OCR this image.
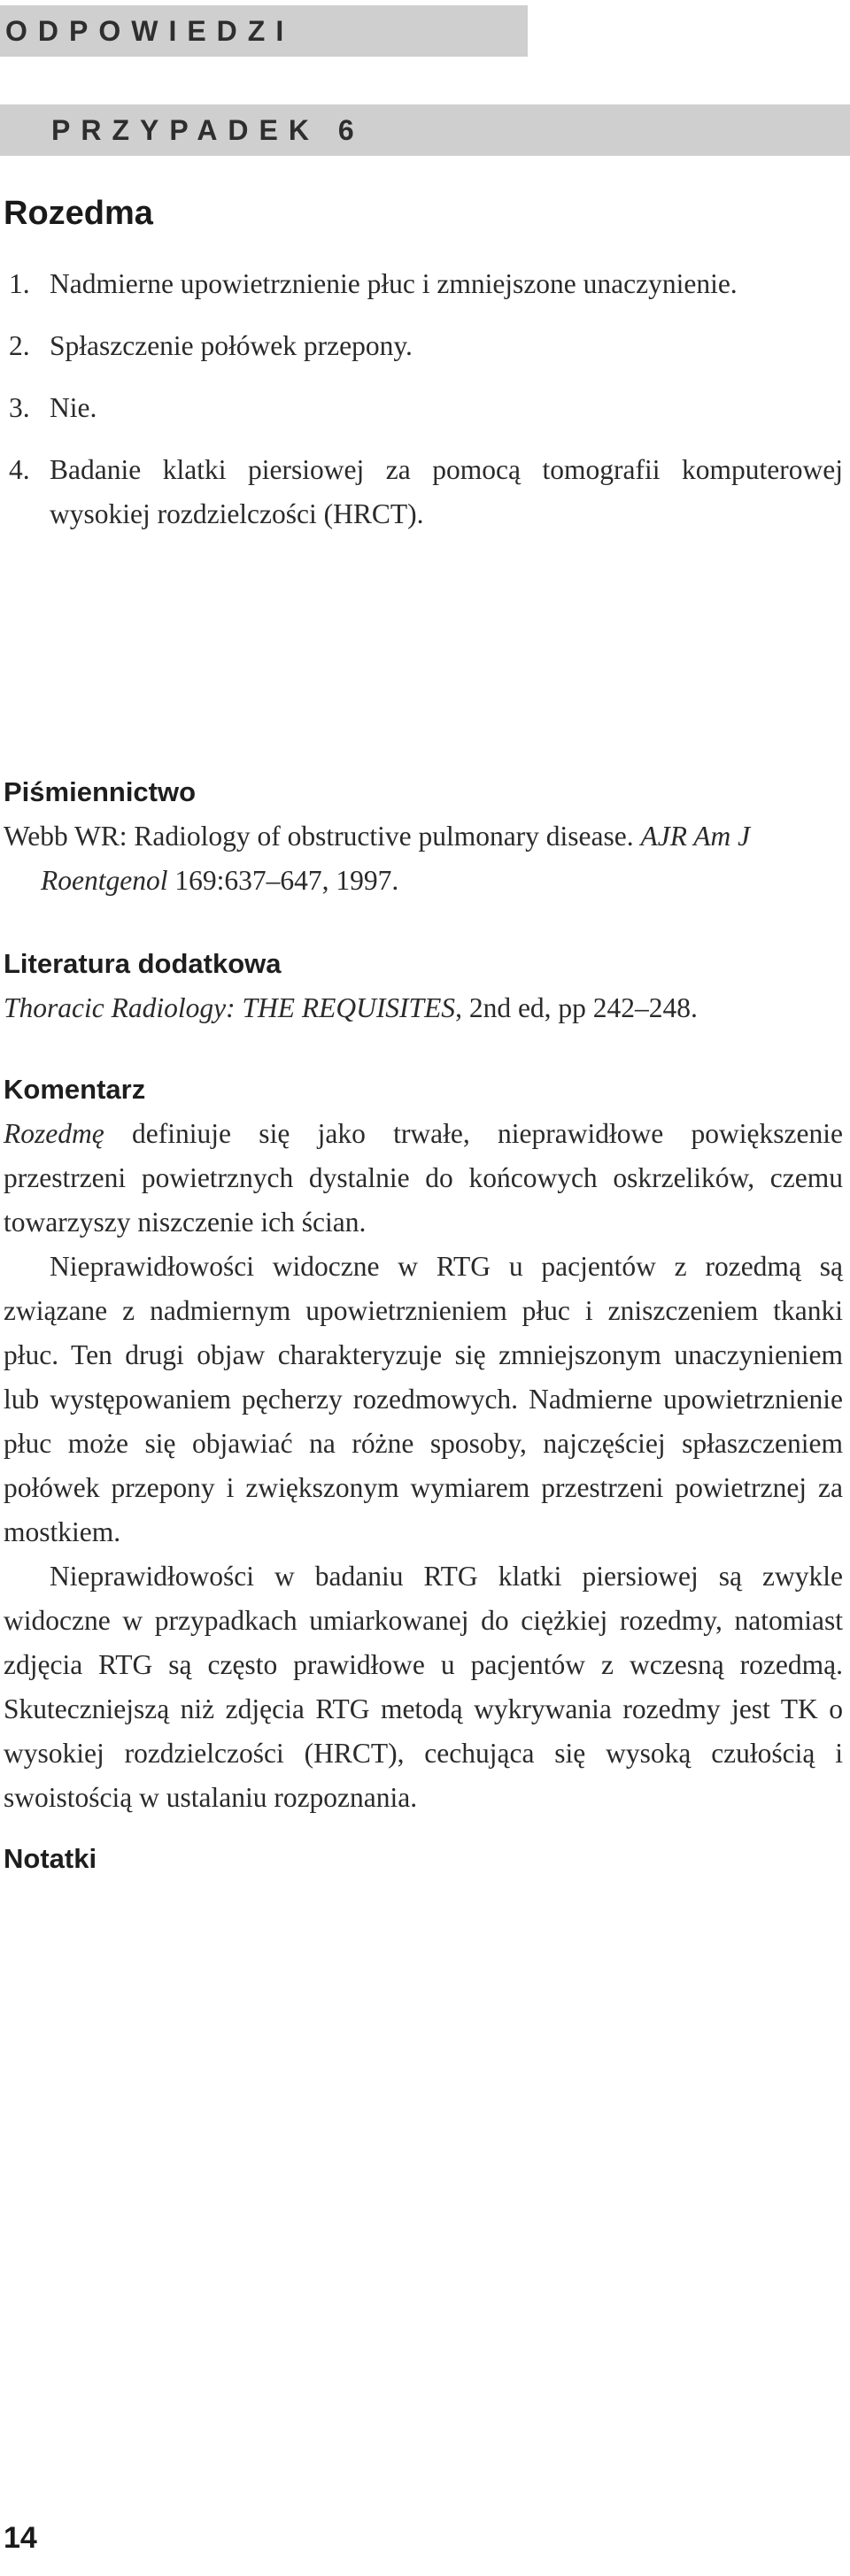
ODPOWIEDZI
PRZYPADEK 6
Rozedma
1. Nadmierne upowietrznienie płuc i zmniejszone unaczynienie.
2. Spłaszczenie połówek przepony.
3. Nie.
4. Badanie klatki piersiowej za pomocą tomografii komputerowej wysokiej rozdzielczości (HRCT).
Piśmiennictwo

Webb WR: Radiology of obstructive pulmonary disease. AJR Am J Roentgenol 169:637–647, 1997.

Literatura dodatkowa

Thoracic Radiology: THE REQUISITES, 2nd ed, pp 242–248.

Komentarz

Rozedmę definiuje się jako trwałe, nieprawidłowe powiększenie przestrzeni powietrznych dystalnie do końcowych oskrzelików, czemu towarzyszy niszczenie ich ścian.

Nieprawidłowości widoczne w RTG u pacjentów z rozedmą są związane z nadmiernym upowietrznieniem płuc i zniszczeniem tkanki płuc. Ten drugi objaw charakteryzuje się zmniejszonym unaczynieniem lub występowaniem pęcherzy rozedmowych. Nadmierne upowietrznienie płuc może się objawiać na różne sposoby, najczęściej spłaszczeniem połówek przepony i zwiększonym wymiarem przestrzeni powietrznej za mostkiem.

Nieprawidłowości w badaniu RTG klatki piersiowej są zwykle widoczne w przypadkach umiarkowanej do ciężkiej rozedmy, natomiast zdjęcia RTG są często prawidłowe u pacjentów z wczesną rozedmą. Skuteczniejszą niż zdjęcia RTG metodą wykrywania rozedmy jest TK o wysokiej rozdzielczości (HRCT), cechująca się wysoką czułością i swoistością w ustalaniu rozpoznania.

Notatki
14
